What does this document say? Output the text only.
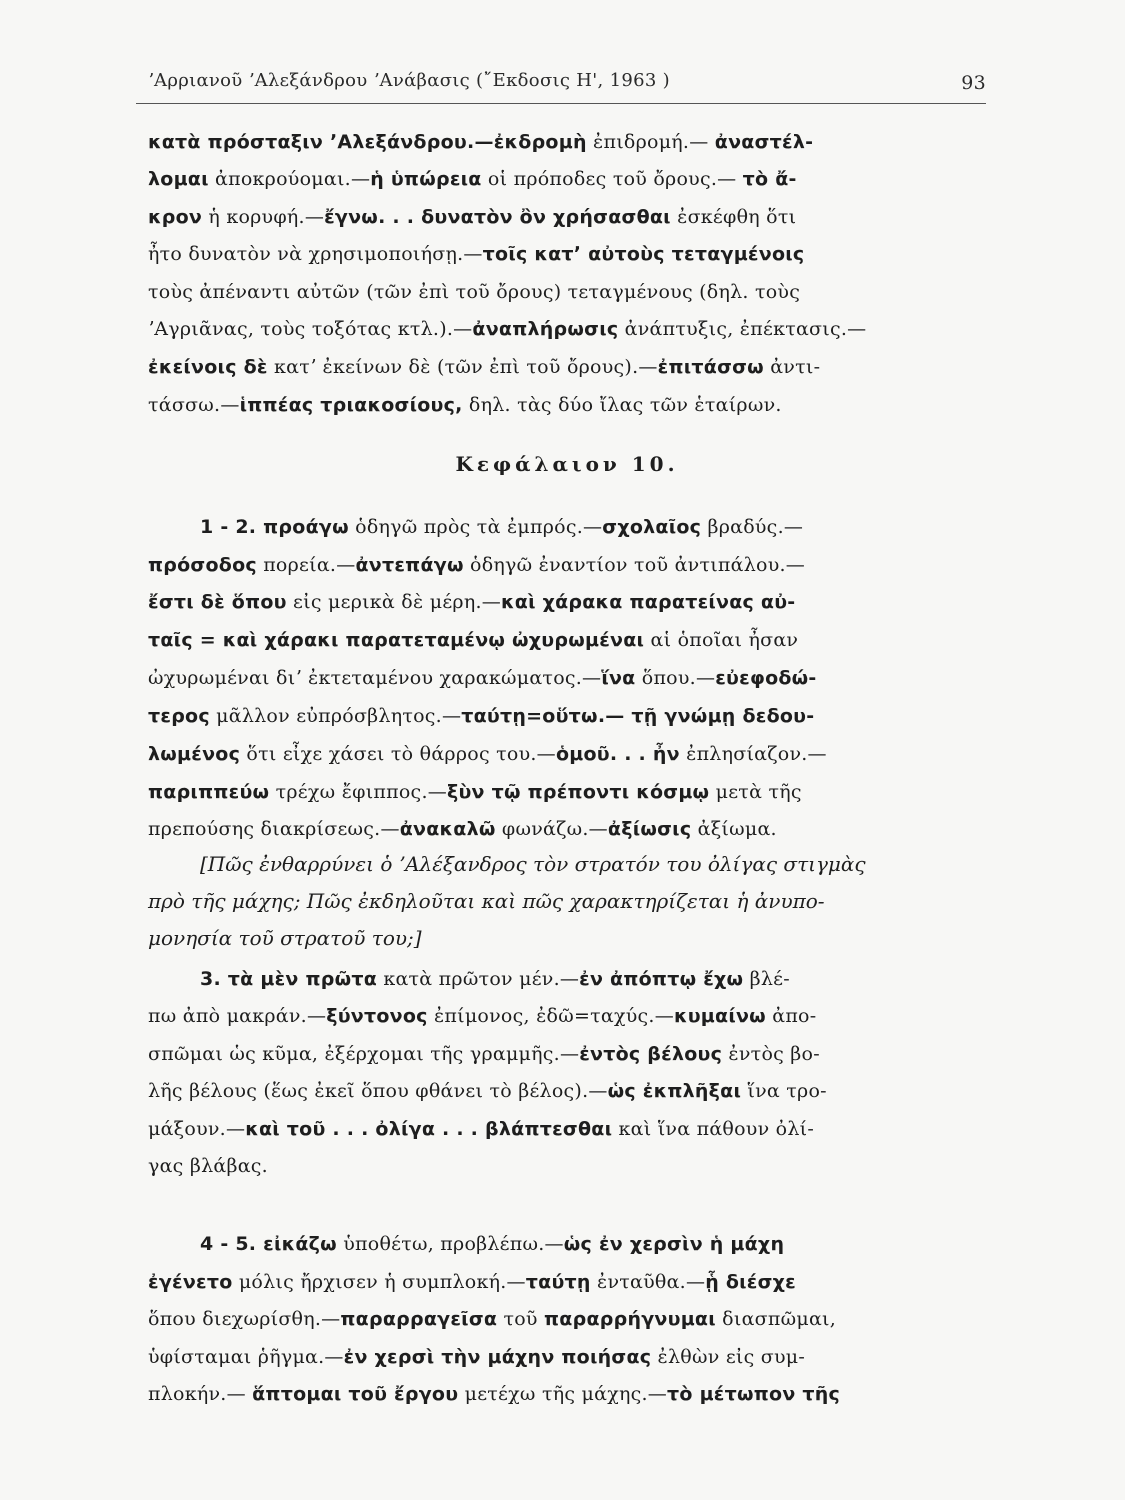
ʼΑρριανοῦ ʼΑλεξάνδρου ʼΑνάβασις (῎Εκδοσις Η', 1963 )	93
Κεφάλαιον 10.
κατὰ πρόσταξιν ʼΑλεξάνδρου.—ἐκδρομὴ ἐπιδρομή.— ἀναστέλ-
λομαι ἀποκρούομαι.—ἡ ὑπώρεια οἱ πρόποδες τοῦ ὄρους.— τὸ ἄ-
κρον ἡ κορυφή.—ἔγνω. . . δυνατὸν ὂν χρήσασθαι ἐσκέφθη ὅτι
ἦτο δυνατὸν νὰ χρησιμοποιήσῃ.—τοῖς κατʼ αὐτοὺς τεταγμένοις
τοὺς ἀπέναντι αὐτῶν (τῶν ἐπὶ τοῦ ὄρους) τεταγμένους (δηλ. τοὺς
ʼΑγριᾶνας, τοὺς τοξότας κτλ.).—ἀναπλήρωσις ἀνάπτυξις, ἐπέκτασις.—
ἐκείνοις δὲ κατʼ ἐκείνων δὲ (τῶν ἐπὶ τοῦ ὄρους).—ἐπιτάσσω ἀντι-
τάσσω.—ἱππέας τριακοσίους, δηλ. τὰς δύο ἴλας τῶν ἑταίρων.
1 - 2. προάγω ὁδηγῶ πρὸς τὰ ἐμπρός.—σχολαῖος βραδύς.—
πρόσοδος πορεία.—ἀντεπάγω ὁδηγῶ ἐναντίον τοῦ ἀντιπάλου.—
ἔστι δὲ ὅπου εἰς μερικὰ δὲ μέρη.—καὶ χάρακα παρατείνας αὐ-
ταῖς = καὶ χάρακι παρατεταμένῳ ὠχυρωμέναι αἱ ὁποῖαι ἦσαν
ὠχυρωμέναι διʼ ἐκτεταμένου χαρακώματος.—ἵνα ὅπου.—εὐεφοδώ-
τερος μᾶλλον εὐπρόσβλητος.—ταύτῃ=οὕτω.— τῇ γνώμῃ δεδου-
λωμένος ὅτι εἶχε χάσει τὸ θάρρος του.—ὁμοῦ. . . ἦν ἐπλησίαζον.—
παριππεύω τρέχω ἔφιππος.—ξὺν τῷ πρέποντι κόσμῳ μετὰ τῆς
πρεπούσης διακρίσεως.—ἀνακαλῶ φωνάζω.—ἀξίωσις ἀξίωμα.
[Πῶς ἐνθαρρύνει ὁ ʼΑλέξανδρος τὸν στρατόν του ὀλίγας στιγμὰς
πρὸ τῆς μάχης; Πῶς ἐκδηλοῦται καὶ πῶς χαρακτηρίζεται ἡ ἀνυπο-
μονησία τοῦ στρατοῦ του;]
3. τὰ μὲν πρῶτα κατὰ πρῶτον μέν.—ἐν ἀπόπτῳ ἔχω βλέ-
πω ἀπὸ μακράν.—ξύντονος ἐπίμονος, ἐδῶ=ταχύς.—κυμαίνω ἀπο-
σπῶμαι ὡς κῦμα, ἐξέρχομαι τῆς γραμμῆς.—ἐντὸς βέλους ἐντὸς βο-
λῆς βέλους (ἕως ἐκεῖ ὅπου φθάνει τὸ βέλος).—ὡς ἐκπλῆξαι ἵνα τρο-
μάξουν.—καὶ τοῦ . . . ὀλίγα . . . βλάπτεσθαι καὶ ἵνα πάθουν ὀλί-
γας βλάβας.
4 - 5. εἰκάζω ὑποθέτω, προβλέπω.—ὡς ἐν χερσὶν ἡ μάχη
ἐγένετο μόλις ἤρχισεν ἡ συμπλοκή.—ταύτῃ ἐνταῦθα.—ᾗ διέσχε
ὅπου διεχωρίσθη.—παραρραγεῖσα τοῦ παραρρήγνυμαι διασπῶμαι,
ὑφίσταμαι ῥῆγμα.—ἐν χερσὶ τὴν μάχην ποιήσας ἐλθὼν εἰς συμ-
πλοκήν.— ἅπτομαι τοῦ ἔργου μετέχω τῆς μάχης.—τὸ μέτωπον τῆς
